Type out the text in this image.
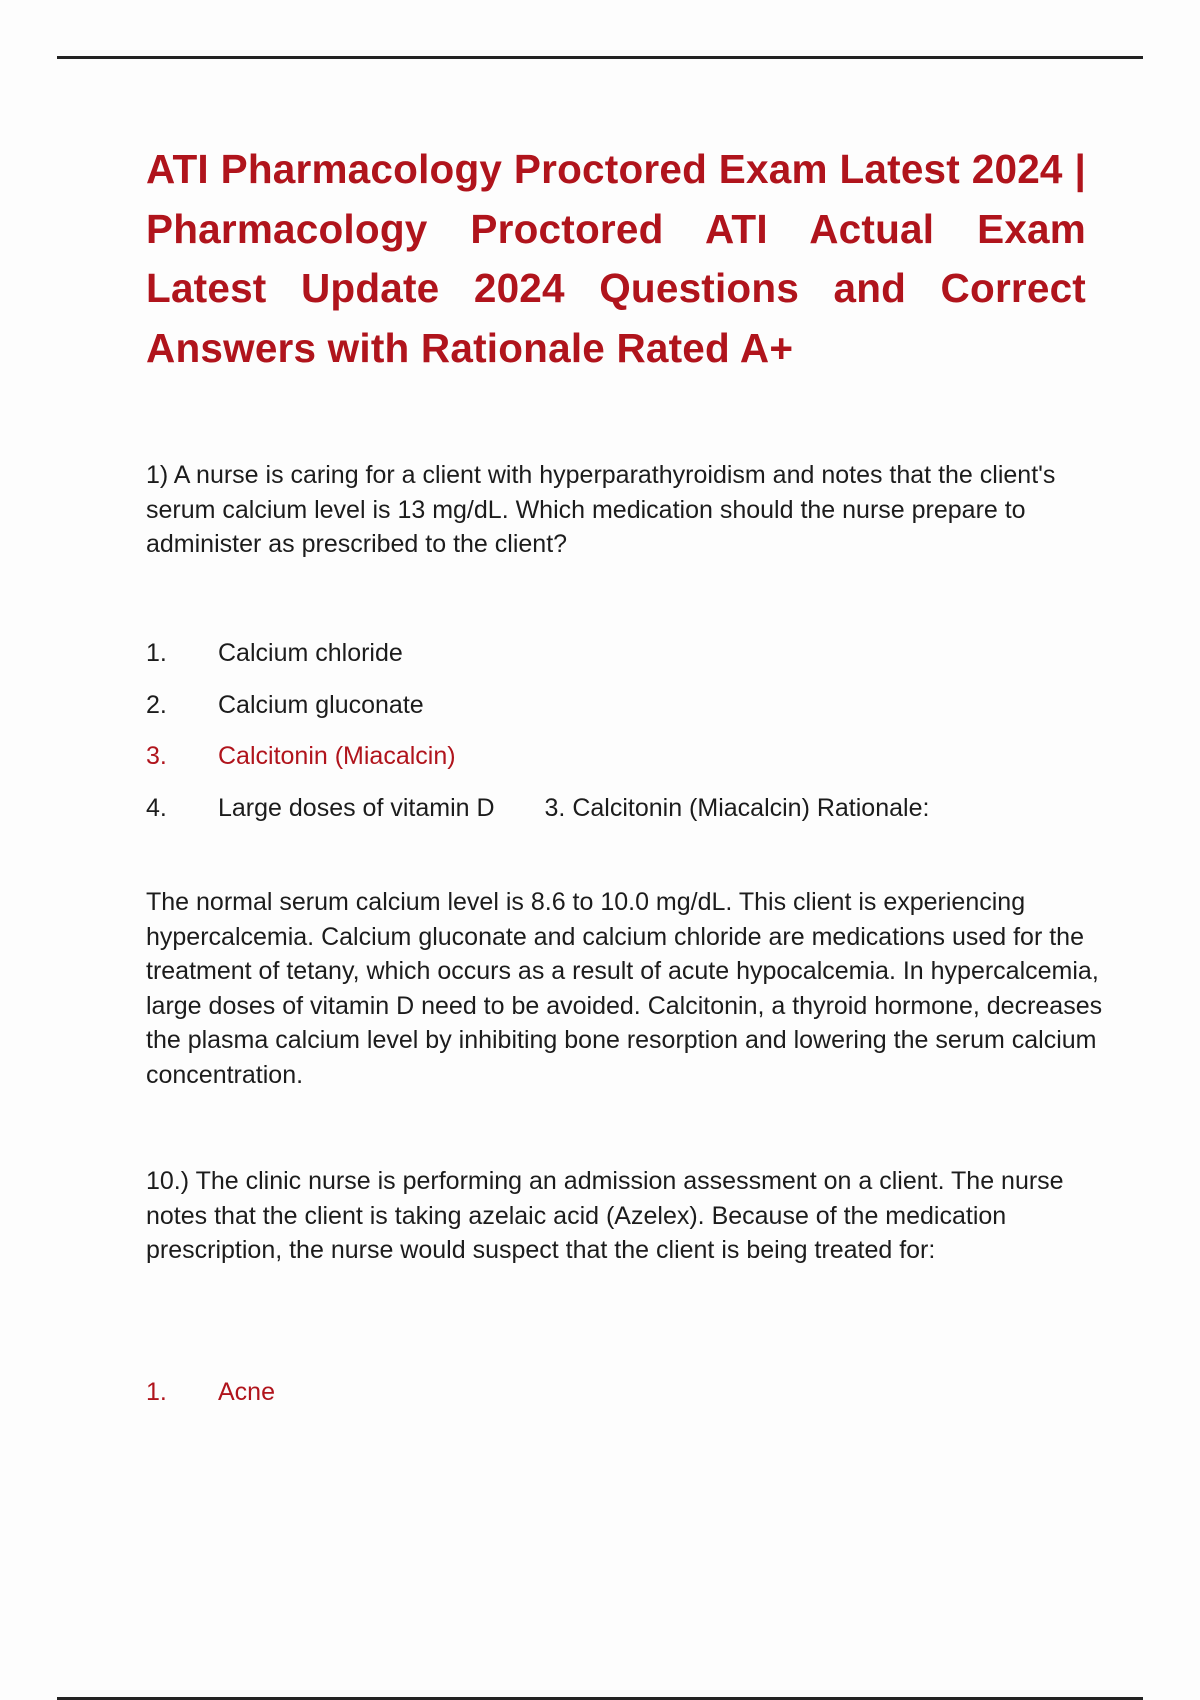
ATI Pharmacology Proctored Exam Latest 2024 | Pharmacology Proctored ATI Actual Exam Latest Update 2024 Questions and Correct Answers with Rationale Rated A+

1) A nurse is caring for a client with hyperparathyroidism and notes that the client's serum calcium level is 13 mg/dL. Which medication should the nurse prepare to administer as prescribed to the client?

1.	Calcium chloride
2.	Calcium gluconate
3.	Calcitonin (Miacalcin)
4.	Large doses of vitamin D 3. Calcitonin (Miacalcin) Rationale:

The normal serum calcium level is 8.6 to 10.0 mg/dL. This client is experiencing hypercalcemia. Calcium gluconate and calcium chloride are medications used for the treatment of tetany, which occurs as a result of acute hypocalcemia. In hypercalcemia, large doses of vitamin D need to be avoided. Calcitonin, a thyroid hormone, decreases the plasma calcium level by inhibiting bone resorption and lowering the serum calcium concentration.

10.) The clinic nurse is performing an admission assessment on a client. The nurse notes that the client is taking azelaic acid (Azelex). Because of the medication prescription, the nurse would suspect that the client is being treated for:

1.	Acne
